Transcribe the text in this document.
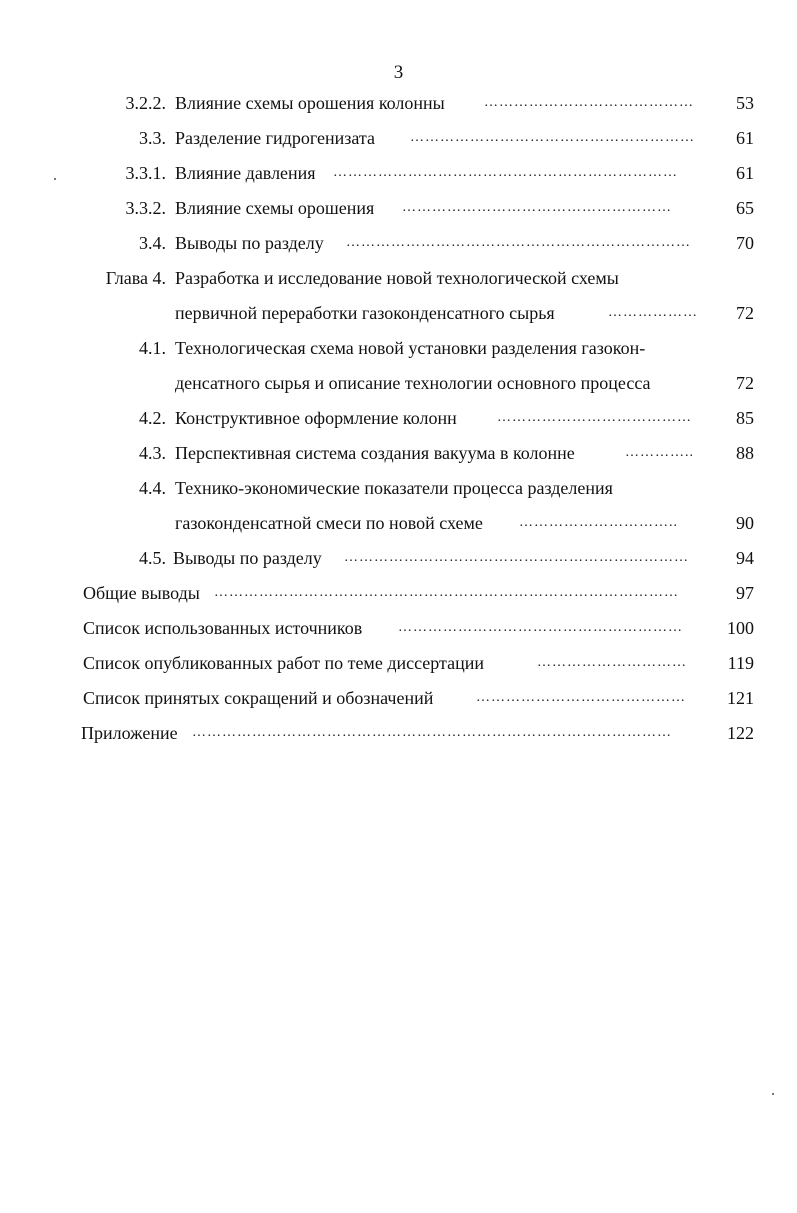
3
3.2.2. Влияние схемы орошения колонны	……………………………………	53
3.3. Разделение гидрогенизата	…………………………………………………	61
3.3.1. Влияние давления ……………………………………………………………	61
3.3.2. Влияние схемы орошения ………………………………………………	65
3.4. Выводы по разделу ……………………………………………………………	70
Глава 4. Разработка и исследование новой технологической схемы
первичной переработки газоконденсатного сырья	………………	72
4.1. Технологическая схема новой установки разделения газокон-
денсатного сырья и описание технологии основного процесса	72
4.2. Конструктивное оформление колонн	…………………………………	85
4.3. Перспективная система создания вакуума в колонне	…………..	88
4.4. Технико-экономические показатели процесса разделения
газоконденсатной смеси по новой схеме	…………………………..	90
4.5. Выводы по разделу ……………………………………………………………	94
Общие выводы …………………………………………………………………………………	97
Список использованных источников	…………………………………………………	100
Список опубликованных работ по теме диссертации	…………………………	119
Список принятых сокращений и обозначений	……………………………………	121
Приложение ……………………………………………………………………………………	122
